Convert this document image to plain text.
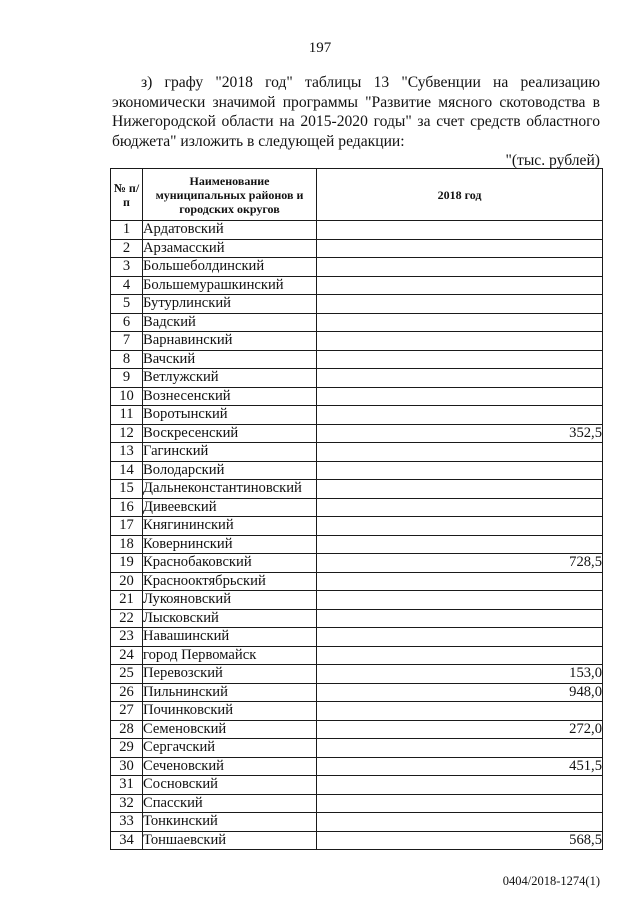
197

з) графу "2018 год" таблицы 13 "Субвенции на реализацию экономически значимой программы "Развитие мясного скотоводства в Нижегородской области на 2015-2020 годы" за счет средств областного бюджета" изложить в следующей редакции:

"(тыс. рублей)
№ п/п	Наименование муниципальных районов и городских округов	2018 год
1	Ардатовский	
2	Арзамасский	
3	Большеболдинский	
4	Большемурашкинский	
5	Бутурлинский	
6	Вадский	
7	Варнавинский	
8	Вачский	
9	Ветлужский	
10	Вознесенский	
11	Воротынский	
12	Воскресенский	352,5
13	Гагинский	
14	Володарский	
15	Дальнеконстантиновский	
16	Дивеевский	
17	Княгининский	
18	Ковернинский	
19	Краснобаковский	728,5
20	Краснооктябрьский	
21	Лукояновский	
22	Лысковский	
23	Навашинский	
24	город Первомайск	
25	Перевозский	153,0
26	Пильнинский	948,0
27	Починковский	
28	Семеновский	272,0
29	Сергачский	
30	Сеченовский	451,5
31	Сосновский	
32	Спасский	
33	Тонкинский	
34	Тоншаевский	568,5
0404/2018-1274(1)
